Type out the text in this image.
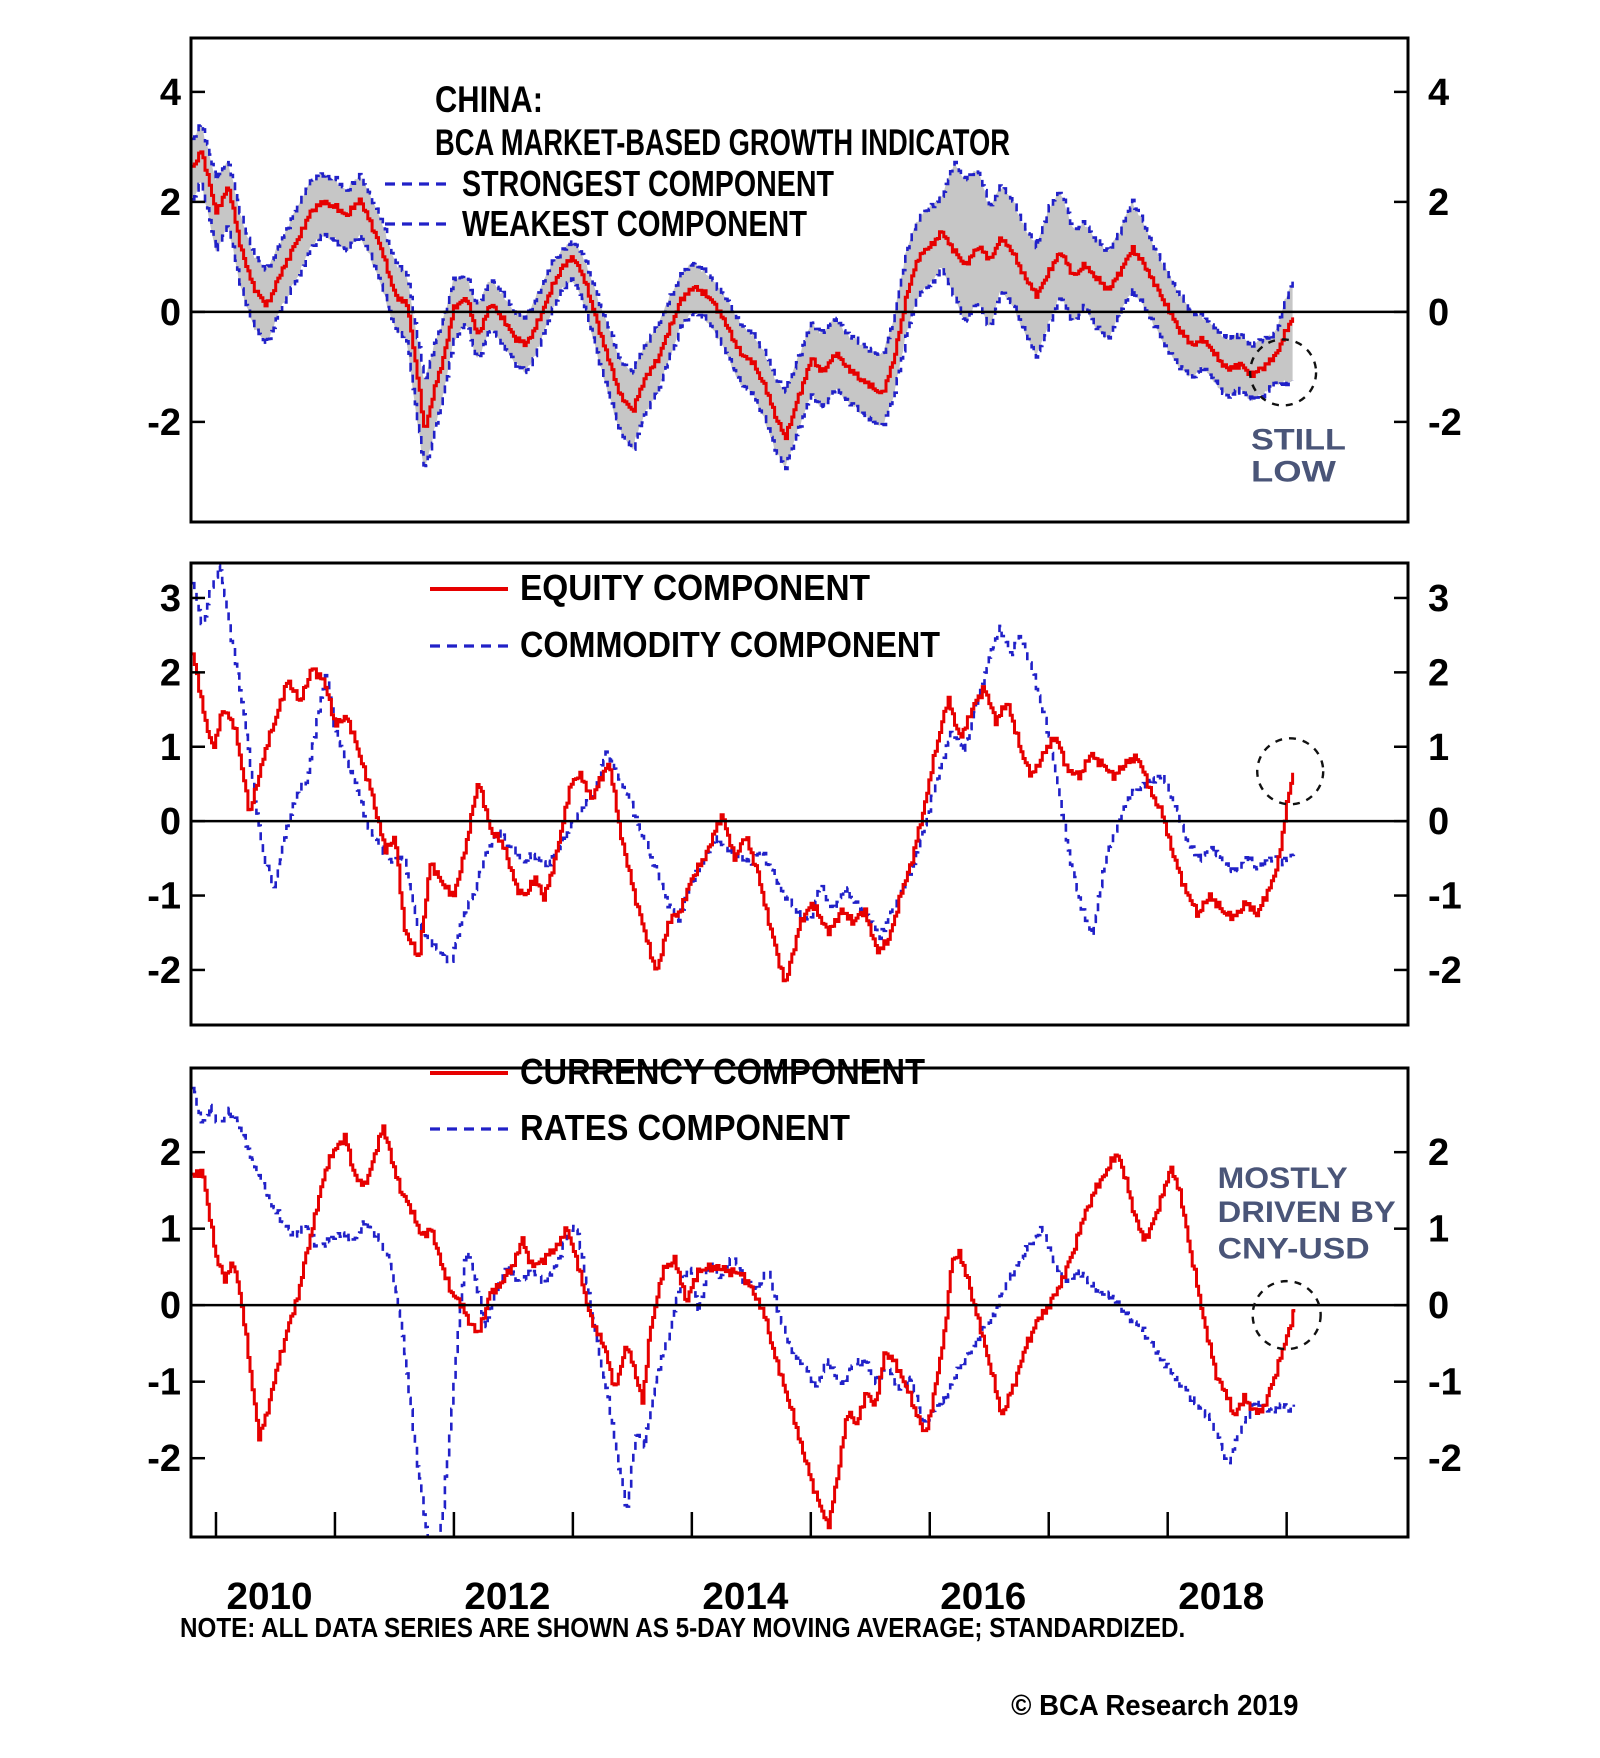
4	4
2	2
0	0
-2	-2
CHINA:
BCA MARKET-BASED GROWTH INDICATOR
STRONGEST COMPONENT
WEAKEST COMPONENT
STILL
LOW
3	3
2	2
1	1
0	0
-1	-1
-2	-2
EQUITY COMPONENT
COMMODITY COMPONENT
2	2
1	1
0	0
-1	-1
-2	-2
CURRENCY COMPONENT
RATES COMPONENT
MOSTLY
DRIVEN BY
CNY-USD
2010	2012	2014	2016	2018
NOTE: ALL DATA SERIES ARE SHOWN AS 5-DAY MOVING AVERAGE; STANDARDIZED.
© BCA Research 2019
